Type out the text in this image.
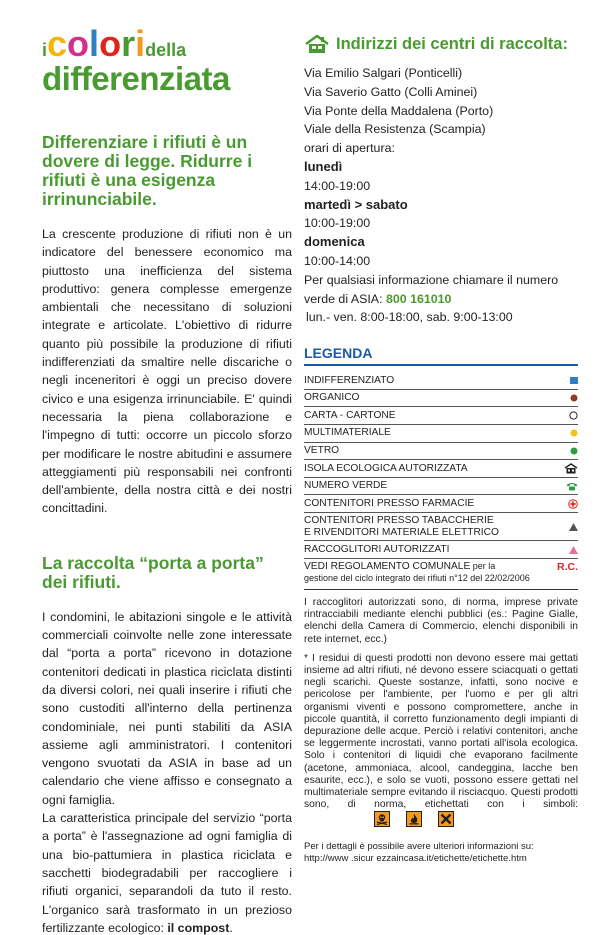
icoloridella
differenziata
Differenziare i rifiuti è un dovere di legge. Ridurre i rifiuti è una esigenza irrinunciabile.

La crescente produzione di rifiuti non è un indicatore del benessere economico ma piuttosto una inefficienza del sistema produttivo: genera complesse emergenze ambientali che necessitano di soluzioni integrate e articolate. L'obiettivo di ridurre quanto più possibile la produzione di rifiuti indifferenziati da smaltire nelle discariche o negli inceneritori è oggi un preciso dovere civico e una esigenza irrinunciabile. E' quindi necessaria la piena collaborazione e l'impegno di tutti: occorre un piccolo sforzo per modificare le nostre abitudini e assumere atteggiamenti più responsabili nei confronti dell'ambiente, della nostra città e dei nostri concittadini.

La raccolta “porta a porta” dei rifiuti.

I condomini, le abitazioni singole e le attività commerciali coinvolte nelle zone interessate dal “porta a porta” ricevono in dotazione contenitori dedicati in plastica riciclata distinti da diversi colori, nei quali inserire i rifiuti che sono custoditi all'interno della pertinenza condominiale, nei punti stabiliti da ASIA assieme agli amministratori. I contenitori vengono svuotati da ASIA in base ad un calendario che viene affisso e consegnato a ogni famiglia.

La caratteristica principale del servizio “porta a porta” è l'assegnazione ad ogni famiglia di una bio-pattumiera in plastica riciclata e sacchetti biodegradabili per raccogliere i rifiuti organici, separandoli da tuto il resto. L'organico sarà trasformato in un prezioso fertilizzante ecologico: il compost.

Indirizzi dei centri di raccolta:
Via Emilio Salgari (Ponticelli)
Via Saverio Gatto (Colli Aminei)
Via Ponte della Maddalena (Porto)
Viale della Resistenza (Scampia)
orari di apertura:
lunedì
14:00-19:00
martedì > sabato
10:00-19:00
domenica
10:00-14:00
Per qualsiasi informazione chiamare il numero verde di ASIA: 800 161010
lun.- ven. 8:00-18:00, sab. 9:00-13:00
LEGENDA
INDIFFERENZIATO
ORGANICO
CARTA - CARTONE
MULTIMATERIALE
VETRO
ISOLA ECOLOGICA AUTORIZZATA
NUMERO VERDE
CONTENITORI PRESSO FARMACIE
CONTENITORI PRESSO TABACCHERIE
E RIVENDITORI MATERIALE ELETTRICO
RACCOGLITORI AUTORIZZATI
VEDI REGOLAMENTO COMUNALE per la
gestione del ciclo integrato dei rifiuti n°12 del 22/02/2006
R.C.

I raccoglitori autorizzati sono, di norma, imprese private rintracciabili mediante elenchi pubblici (es.: Pagine Gialle, elenchi della Camera di Commercio, elenchi disponibili in rete internet, ecc.)

* I residui di questi prodotti non devono essere mai gettati insieme ad altri rifiuti, né devono essere sciacquati o gettati negli scarichi. Queste sostanze, infatti, sono nocive e pericolose per l'ambiente, per l'uomo e per gli altri organismi viventi e possono compromettere, anche in piccole quantità, il corretto funzionamento degli impianti di depurazione delle acque. Perciò i relativi contenitori, anche se leggermente incrostati, vanno portati all'isola ecologica. Solo i contenitori di liquidi che evaporano facilmente (acetone, ammoniaca, alcool, candeggina, lacche ben esaurite, ecc.), e solo se vuoti, possono essere gettati nel multimateriale sempre evitando il risciacquo. Questi prodotti sono, di norma, etichettati con i simboli:

Per i dettagli è possibile avere ulteriori informazioni su:
http://www .sicur ezzaincasa.it/etichette/etichette.htm
